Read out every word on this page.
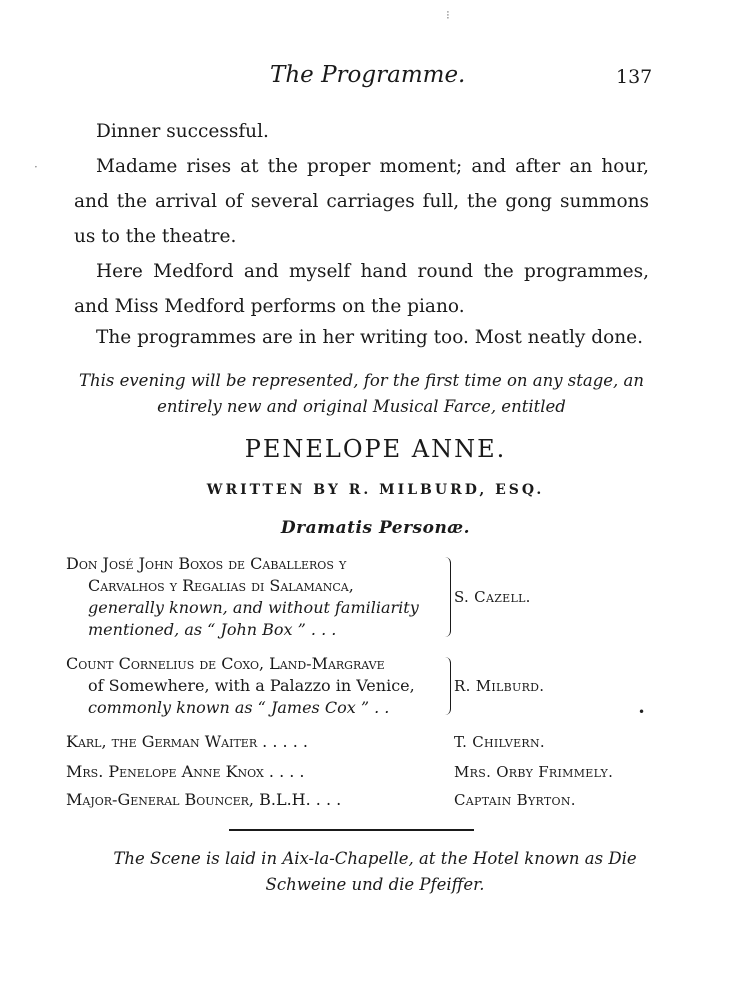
The Programme.	137
Dinner successful.
Madame rises at the proper moment; and after an hour, and the arrival of several carriages full, the gong summons us to the theatre.
Here Medford and myself hand round the programmes, and Miss Medford performs on the piano.
The programmes are in her writing too. Most neatly done.
This evening will be represented, for the first time on any stage, an
entirely new and original Musical Farce, entitled
PENELOPE ANNE.
WRITTEN BY R. MILBURD, ESQ.
Dramatis Personæ.
Don José John Boxos de Caballeros y
Carvalhos y Regalias di Salamanca,
generally known, and without familiarity
mentioned, as “ John Box ” . . .
S. Cazell.
Count Cornelius de Coxo, Land-Margrave
of Somewhere, with a Palazzo in Venice,
commonly known as “ James Cox ” . .
R. Milburd.
Karl, the German Waiter . . . . .	T. Chilvern.
Mrs. Penelope Anne Knox . . . .	Mrs. Orby Frimmely.
Major-General Bouncer, B.L.H. . . .	Captain Byrton.
The Scene is laid in Aix-la-Chapelle, at the Hotel known as Die
Schweine und die Pfeiffer.
⁝
·
•
